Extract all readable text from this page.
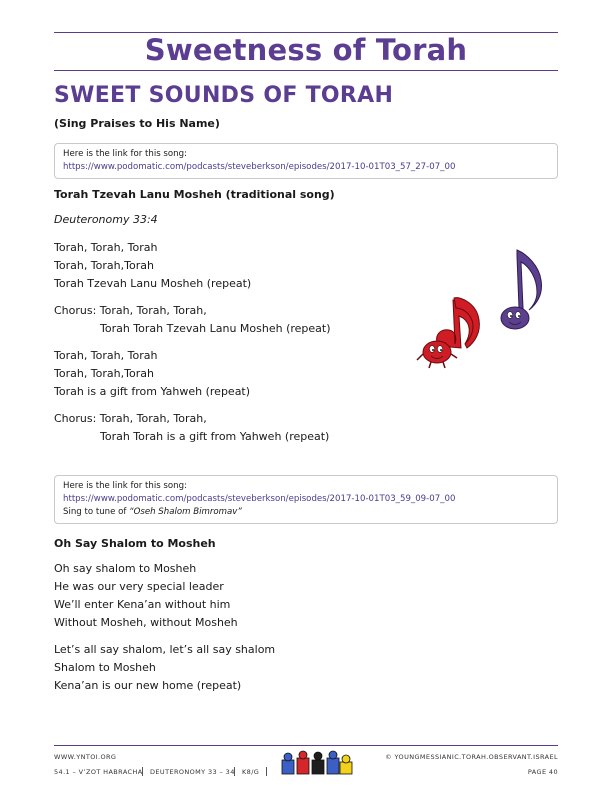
Sweetness of Torah
SWEET SOUNDS OF TORAH
(Sing Praises to His Name)
Here is the link for this song:
https://www.podomatic.com/podcasts/steveberkson/episodes/2017-10-01T03_57_27-07_00
Torah Tzevah Lanu Mosheh (traditional song)
Deuteronomy 33:4
Torah, Torah, Torah
Torah, Torah,Torah
Torah Tzevah Lanu Mosheh (repeat)
Chorus: Torah, Torah, Torah,
Torah Torah Tzevah Lanu Mosheh (repeat)
Torah, Torah, Torah
Torah, Torah,Torah
Torah is a gift from Yahweh (repeat)
Chorus: Torah, Torah, Torah,
Torah Torah is a gift from Yahweh (repeat)
Here is the link for this song:
https://www.podomatic.com/podcasts/steveberkson/episodes/2017-10-01T03_59_09-07_00
Sing to tune of “Oseh Shalom Bimromav”
Oh Say Shalom to Mosheh
Oh say shalom to Mosheh
He was our very special leader
We’ll enter Kena’an without him
Without Mosheh, without Mosheh
Let’s all say shalom, let’s all say shalom
Shalom to Mosheh
Kena’an is our new home (repeat)
WWW.YNTOI.ORG
54.1 – V’ZOT HABRACHA DEUTERONOMY 33 – 34 K8/G
© YOUNGMESSIANIC.TORAH.OBSERVANT.ISRAEL
PAGE 40
